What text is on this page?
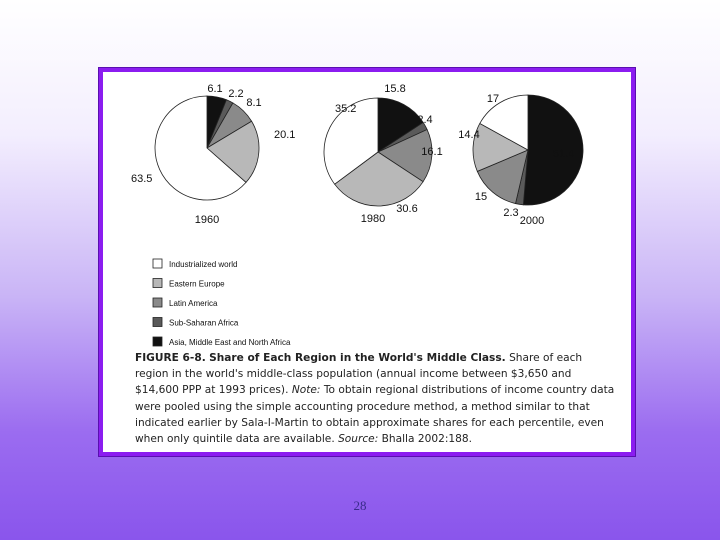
6.1 2.2
8.1
20.1
63.5
1960
15.8
2.4
16.1
30.6
35.2
1980
51.4
2.3
15
14.4
17
2000
Industrialized world
Eastern Europe
Latin America
Sub-Saharan Africa
Asia, Middle East and North Africa
FIGURE 6-8. Share of Each Region in the World's Middle Class. Share of each region in the world's middle-class population (annual income between $3,650 and $14,600 PPP at 1993 prices). Note: To obtain regional distributions of income country data were pooled using the simple accounting procedure method, a method similar to that indicated earlier by Sala-I-Martin to obtain approximate shares for each percentile, even when only quintile data are available. Source: Bhalla 2002:188.
28
